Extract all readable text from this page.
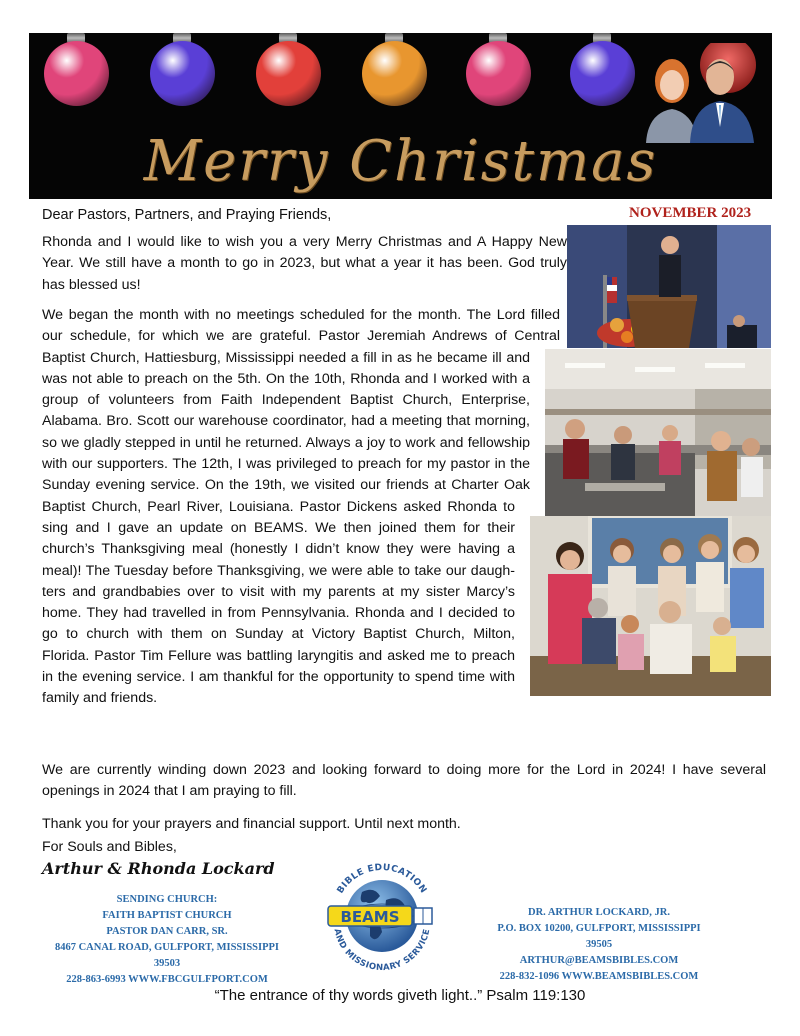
Merry Christmas
Dear Pastors, Partners, and Praying Friends,	NOVEMBER 2023
Rhonda and I would like to wish you a very Merry Christmas and A Happy New Year. We still have a month to go in 2023, but what a year it has been. God truly has blessed us!
We began the month with no meetings scheduled for the month. The Lord filled our schedule, for which we are grateful. Pastor Jeremiah Andrews of Central Baptist Church, Hattiesburg, Mississippi needed a fill in as he became ill and was not able to preach on the 5th. On the 10th, Rhonda and I worked with a group of volunteers from Faith Independent Baptist Church, Enterprise, Alabama. Bro. Scott our warehouse coordinator, had a meeting that morning, so we gladly stepped in until he returned. Always a joy to work and fellowship with our supporters. The 12th, I was privileged to preach for my pastor in the Sunday evening service. On the 19th, we visited our friends at Charter Oak Baptist Church, Pearl River, Louisiana. Pastor Dickens asked Rhonda to sing and I gave an update on BEAMS. We then joined them for their church’s Thanksgiving meal (honestly I didn’t know they were having a meal)! The Tuesday before Thanksgiving, we were able to take our daughters and grandbabies over to visit with my parents at my sister Marcy’s home. They had travelled in from Pennsylvania. Rhonda and I decided to go to church with them on Sunday at Victory Baptist Church, Milton, Florida. Pastor Tim Fellure was battling laryngitis and asked me to preach in the evening service. I am thankful for the opportunity to spend time with family and friends.
We are currently winding down 2023 and looking forward to doing more for the Lord in 2024! I have several openings in 2024 that I am praying to fill.
Thank you for your prayers and financial support. Until next month.
For Souls and Bibles,
Arthur & Rhonda Lockard
SENDING CHURCH:
FAITH BAPTIST CHURCH
PASTOR DAN CARR, SR.
8467 CANAL ROAD, GULFPORT, MISSISSIPPI 39503
228-863-6993 WWW.FBCGULFPORT.COM
BEAMS
BIBLE EDUCATION
AND MISSIONARY SERVICE
DR. ARTHUR LOCKARD, JR.
P.O. BOX 10200, GULFPORT, MISSISSIPPI 39505
ARTHUR@BEAMSBIBLES.COM
228-832-1096 WWW.BEAMSBIBLES.COM
“The entrance of thy words giveth light..” Psalm 119:130
